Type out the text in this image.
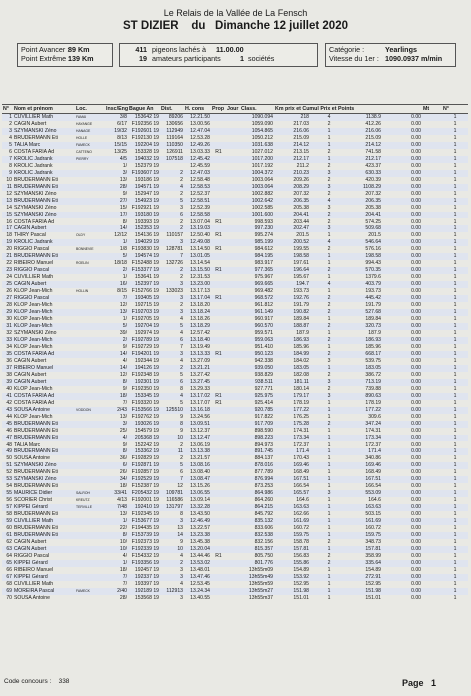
Le Relais de la Vallée de La Fensch
ST DIZIER du Dimanche 12 juillet 2020
Point Avancer :
89 Km
Point Extrême :
139 Km
411 pigeons lachés à	11.00.00
19 amateurs participants	1 sociétés
Catégorie :	Yearlings
Vitesse du 1er : 1090.0937 m/min
N°	Nom et prénom	Loc.	Insc/Eng	Bague An	Dist.	H. cons	Prop	Jour	Class.	Km prix et Cumul Prix et Points				Mt	N°
1	CUVILLIER Math	FAMAI	3/8	153642 19	89206	12.21.50			1090.094	218	4	1138.9	0.00		1
2	CAGIN Aubert	HAYANGE	6/17	F192356 19	130656	13.00.56			1059.090	217.03	2	412.26	0.00		1
3	SZYMANSKI Zéno	HANAGE	19/32	F192601 19	112949	12.47.04			1054.865	216.06	1	216.06	0.00		1
4	BRUDERMANN Eti	HOLLE	8/13	F192130 19	119164	12.53.28			1050.212	215.09	1	215.09	0.00		1
5	TALIA Marc	FAMECK	15/15	192204 19	110350	12.49.26			1031.638	214.12	1	214.12	0.00		1
6	COSTA FARIA Ad	CATTENO	13/25	153328 19	126911	13.03.33	R1		1027.012	213.15	2	741.58	0.00		1
7	KROLIC Jadrank	PIERRY	4/5	194032 19	107518	12.45.42			1017.200	212.17	1	212.17	0.00		1
8	KROLIC Jadrank		1/	152379 19		12.45.59			1017.192	211.2	2	423.37	0.00		1
9	KROLIC Jadrank		3/	F193607 19	2	12.47.03			1004.372	210.23	3	630.33	0.00		1
10	BRUDERMANN Eti		13/	193186 19	2	12.58.48			1003.064	209.26	2	420.39	0.00		1
11	BRUDERMANN Eti		28/	194571 19	4	12.58.53			1003.064	208.29	3	1108.29	0.00		1
12	SZYMANSKI Zéno		9/	152947 19	2	12.52.37			1002.882	207.32	2	207.32	0.00		1
13	BRUDERMANN Eti		27/	154923 19	5	12.58.51			1002.642	206.35	4	206.35	0.00		1
14	SZYMANSKI Zéno		15/	F192921 19	3	12.52.39			1002.585	205.38	3	205.38	0.00		1
15	SZYMANSKI Zéno		17/	193180 19	6	12.58.58			1001.600	204.41	2	204.41	0.00		1
16	COSTA FARIA Ad		8/	193393 19	2	13.07.04	R1		998.593	203.44	2	574.25	0.00		1
17	CAGIN Aubert		14/	152353 19	2	13.19.03			997.230	202.47	3	509.68	0.00		1
18	THIRY Pascal	OLDY	12/12	154136 19	110157	12.50.40	R1		995.274	201.5	1	201.5	0.00		1
19	KROLIC Jadrank		1/	194029 19	3	12.49.08			985.199	200.52	4	546.64	0.00		1
20	RIGGIO Pascal	BONNEVIE	1/8	F193830 19	128781	13.14.50	R1		984.612	199.55	2	576.16	0.00		1
21	BRUDERMANN Eti		5/	194574 19	7	13.01.05			984.195	198.58	1	198.58	0.00		1
22	RIBEIRO Manuel	ROELIN	18/18	F152488 19	132726	13.14.54			983.917	197.61	1	994.43	0.00		1
23	RIGGIO Pascal		2/	F153377 19	2	13.15.50	R1		977.365	196.64	2	570.35	0.00		1
24	CUVILLIER Math		1/	153641 19	2	12.31.53			975.967	195.67	1	1379.6	0.00		1
25	CAGIN Aubert		16/	152397 19	3	13.23.00			969.665	194.7	4	403.79	0.00		1
26	KLOP Jean-Mich	HOLLIN	8/15	F152766 19	133023	13.17.13			969.482	193.73	1	193.73	0.00		1
27	RIGGIO Pascal		7/	193405 19	3	13.17.04	R1		968.572	192.76	2	445.42	0.00		1
28	KLOP Jean-Mich		12/	192715 19	2	13.18.20			961.812	191.79	2	191.79	0.00		1
29	KLOP Jean-Mich		13/	F192703 19	3	13.18.24			961.149	190.82	2	527.68	0.00		1
30	KLOP Jean-Mich		1/	F192705 19	4	13.18.26			960.917	189.84	1	189.84	0.00		1
31	KLOP Jean-Mich		5/	192704 19	5	13.18.29			960.570	188.87	2	320.73	0.00		1
32	SZYMANSKI Zéno		39/	192974 19	4	12.57.42			959.571	187.9	1	187.9	0.00		1
33	KLOP Jean-Mich		2/	F192789 19	6	13.18.40			959.063	186.93	2	186.93	0.00		1
34	KLOP Jean-Mich		9/	F192729 19	7	13.19.49			951.410	185.96	1	185.96	0.00		1
35	COSTA FARIA Ad		14/	F194201 19	3	13.13.33	R1		950.123	184.99	2	668.17	0.00		1
36	CAGIN Aubert		4/	192344 19	4	13.27.09			942.338	184.02	3	539.75	0.00		1
37	RIBEIRO Manuel		14/	194126 19	2	13.21.21			939.050	183.05	1	183.05	0.00		1
38	CAGIN Aubert		12/	F192348 19	5	13.27.42			938.829	182.08	2	386.72	0.00		1
39	CAGIN Aubert		8/	192301 19	6	13.27.45			938.511	181.11	3	713.19	0.00		1
40	KLOP Jean-Mich		9/	F192350 19	8	13.29.33			927.771	180.14	2	739.88	0.00		1
41	COSTA FARIA Ad		18/	153345 19	4	13.17.02	R1		925.975	179.17	3	890.63	0.00		1
42	COSTA FARIA Ad		7/	F193320 19	5	13.17.07	R1		925.414	178.19	1	178.19	0.00		1
43	SOUSA Antoine	VODDON	2/43	F153566 19	125510	13.16.18			920.785	177.22	1	177.22	0.00		1
44	KLOP Jean-Mich		13/	F192762 19	9	13.24.56			917.822	176.25	1	309.6	0.00		1
45	BRUDERMANN Eti		3/	193026 19	8	13.09.51			917.709	175.28	2	347.24	0.00		1
46	BRUDERMANN Eti		25/	154579 19	9	13.12.37			898.590	174.31	1	174.31	0.00		1
47	BRUDERMANN Eti		4/	205368 19	10	13.12.47			898.223	173.34	1	173.34	0.00		1
48	TALIA Marc		9/	152242 19	2	13.06.19			894.973	172.37	1	172.37	0.00		1
49	BRUDERMANN Eti		8/	153362 19	11	13.13.38			891.745	171.4	1	171.4	0.00		1
50	SOUSA Antoine		36/	F192829 19	2	13.21.57			884.137	170.43	1	340.86	0.00		1
51	SZYMANSKI Zéno		6/	F192871 19	5	13.08.16			878.016	169.46	1	169.46	0.00		1
52	BRUDERMANN Eti		26/	F192857 19	6	13.08.40			877.789	168.49	1	168.49	0.00		1
53	SZYMANSKI Zéno		34/	F192529 19	7	13.08.47			876.994	167.51	1	167.51	0.00		1
54	BRUDERMANN Eti		18/	F152387 19	12	13.15.26			873.253	166.54	1	166.54	0.00		1
55	MAURICE Didier	SALROH	33/41	F205432 19	109781	13.06.55			864.986	165.57	3	553.09	0.00		1
56	SCORIER Christ	KREUTZ	4/13	F192001 19	116586	13.09.14			864.260	164.6	1	164.6	0.00		1
57	KIPPEI Gérard	TERVILLE	7/48	192410 19	131797	13.32.28			864.215	163.63	1	163.63	0.00		1
58	BRUDERMANN Eti		13/	F192345 19	8	13.43.50			845.792	162.66	1	503.15	0.00		1
59	CUVILLIER Math		1/	F153677 19	3	12.46.49			835.132	161.69	1	161.69	0.00		1
60	BRUDERMANN Eti		22/	F194435 19	13	13.22.57			833.606	160.72	1	160.72	0.00		1
61	BRUDERMANN Eti		8/	F153739 19	14	13.23.38			832.538	159.75	1	159.75	0.00		1
62	CAGIN Aubert		10/	F192373 19	9	13.45.38			832.156	158.78	2	348.73	0.00		1
63	CAGIN Aubert		10/	F192339 19	10	13.20.04			815.357	157.81	1	157.81	0.00		1
64	RIGGIO Pascal		4/	F154332 19	4	13.44.46	R1		805.750	156.83	2	358.99	0.00		1
65	KIPPEI Gérard		1/	F193356 19	2	13.53.02			801.776	155.86	2	335.64	0.00		1
66	RIBEIRO Manuel		18/	192457 19	3	13.48.01			13h55m09	154.89	1	154.89	0.00		1
67	KIPPEI Gérard		7/	192337 19	3	13.47.46			13h55m49	153.92	1	272.91	0.00		1
68	CUVILLIER Math		7/	193397 19	4	12.53.45			13h55m59	152.95	1	152.95	0.00		1
69	MOREIRA Pascal	FAMECK	2/40	192189 19	112913	13.24.34			13h55m27	151.98	1	151.98	0.00		1
70	SOUSA Antoine		28/	153568 19	3	13.40.55			13h55m37	151.01	1	151.01	0.00		1
Code concours : 338	Page 1
